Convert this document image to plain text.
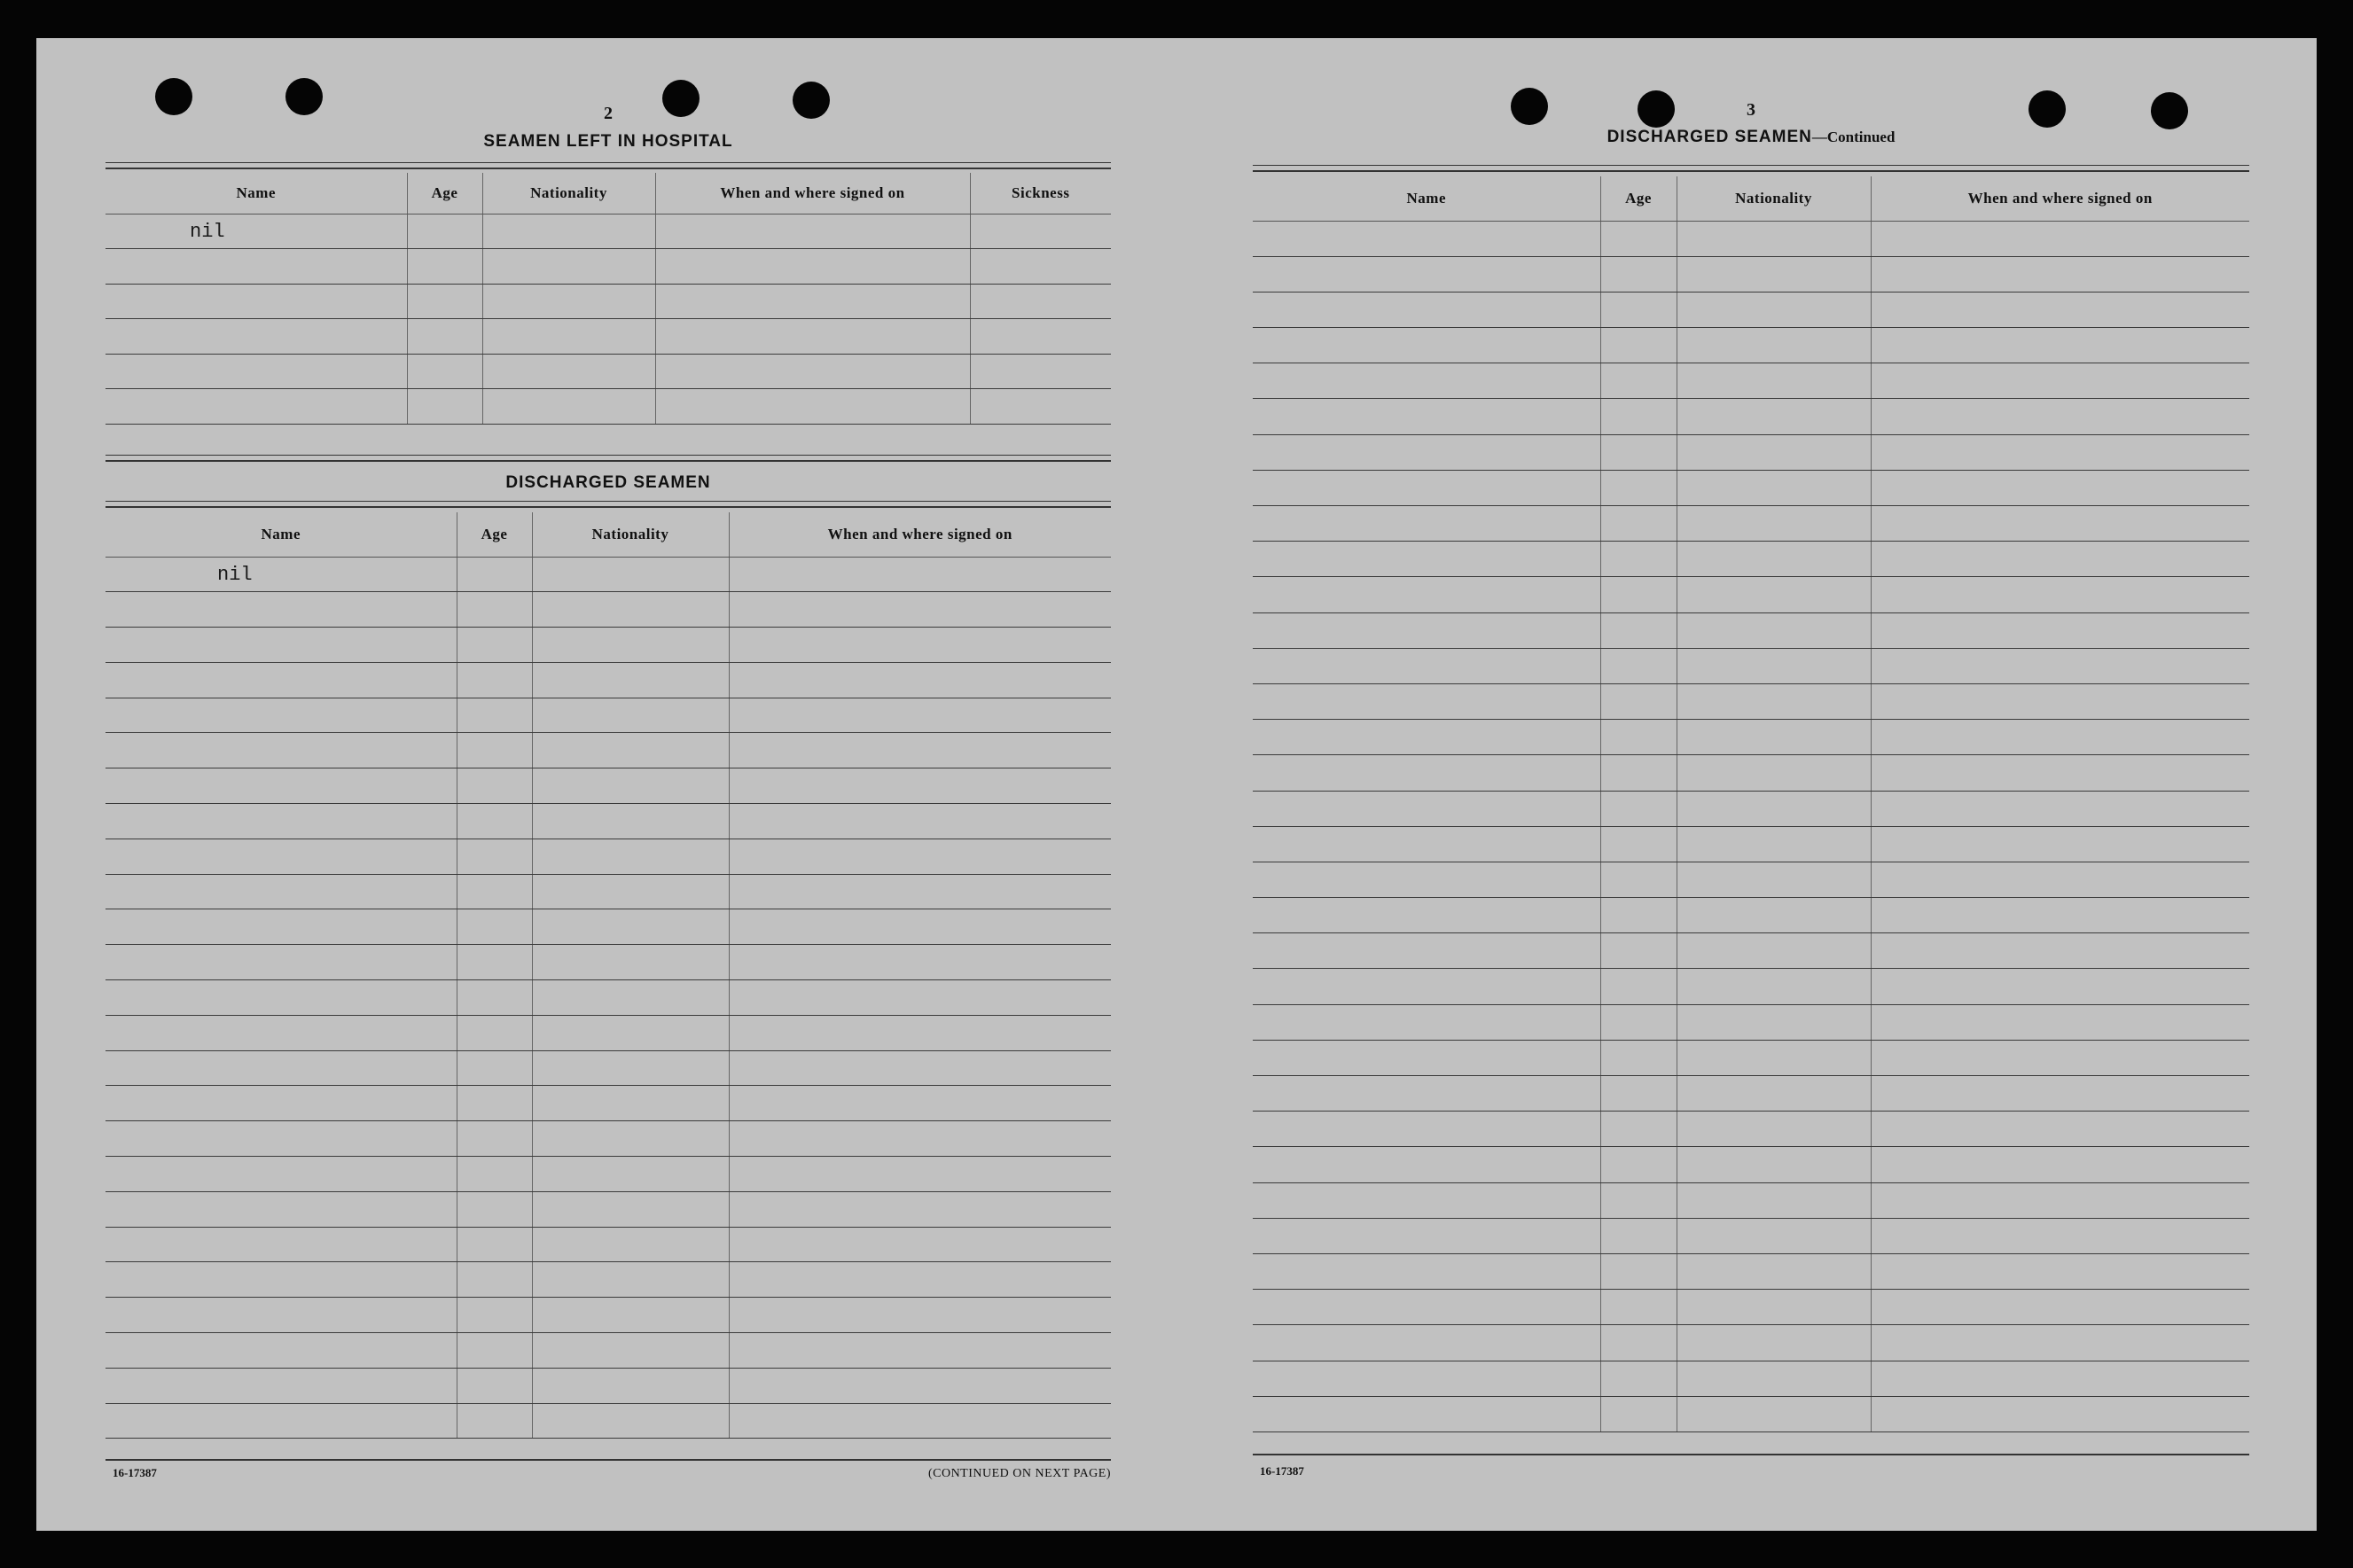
2
SEAMEN LEFT IN HOSPITAL
Name	Age	Nationality	When and where signed on	Sickness

nil				

DISCHARGED SEAMEN
Name	Age	Nationality	When and where signed on

nil			

16-17387	(CONTINUED ON NEXT PAGE)
3
DISCHARGED SEAMEN—Continued
Name	Age	Nationality	When and where signed on

16-17387
